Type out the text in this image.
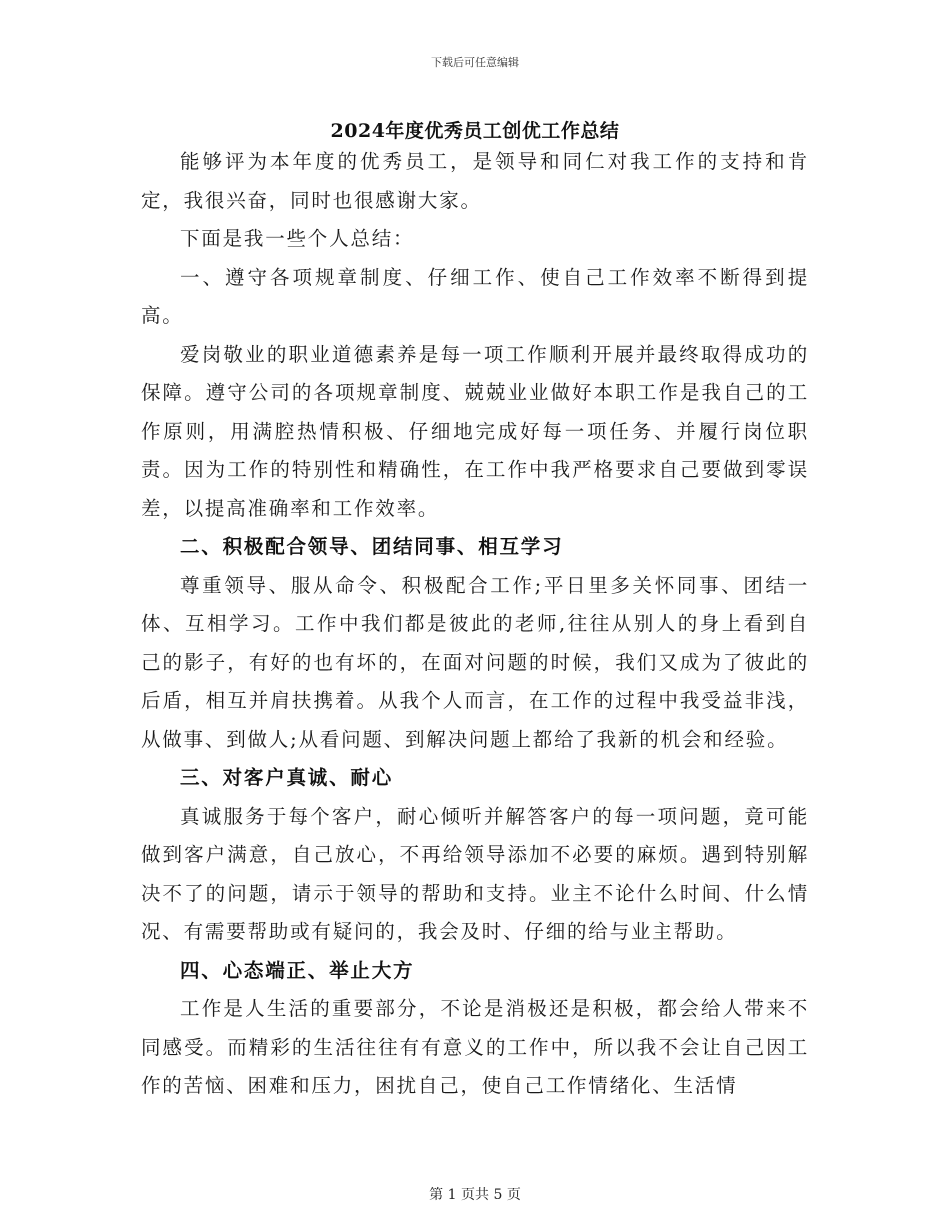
下载后可任意编辑
2024年度优秀员工创优工作总结

能够评为本年度的优秀员工，是领导和同仁对我工作的支持和肯定，我很兴奋，同时也很感谢大家。

下面是我一些个人总结：

一、遵守各项规章制度、仔细工作、使自己工作效率不断得到提高。

爱岗敬业的职业道德素养是每一项工作顺利开展并最终取得成功的保障。遵守公司的各项规章制度、兢兢业业做好本职工作是我自己的工作原则，用满腔热情积极、仔细地完成好每一项任务、并履行岗位职责。因为工作的特别性和精确性，在工作中我严格要求自己要做到零误差，以提高准确率和工作效率。

二、积极配合领导、团结同事、相互学习

尊重领导、服从命令、积极配合工作;平日里多关怀同事、团结一体、互相学习。工作中我们都是彼此的老师,往往从别人的身上看到自己的影子，有好的也有坏的，在面对问题的时候，我们又成为了彼此的后盾，相互并肩扶携着。从我个人而言，在工作的过程中我受益非浅，从做事、到做人;从看问题、到解决问题上都给了我新的机会和经验。

三、对客户真诚、耐心

真诚服务于每个客户，耐心倾听并解答客户的每一项问题，竟可能做到客户满意，自己放心，不再给领导添加不必要的麻烦。遇到特别解决不了的问题，请示于领导的帮助和支持。业主不论什么时间、什么情况、有需要帮助或有疑问的，我会及时、仔细的给与业主帮助。

四、心态端正、举止大方

工作是人生活的重要部分，不论是消极还是积极，都会给人带来不同感受。而精彩的生活往往有有意义的工作中，所以我不会让自己因工作的苦恼、困难和压力，困扰自己，使自己工作情绪化、生活情

第 1 页共 5 页
